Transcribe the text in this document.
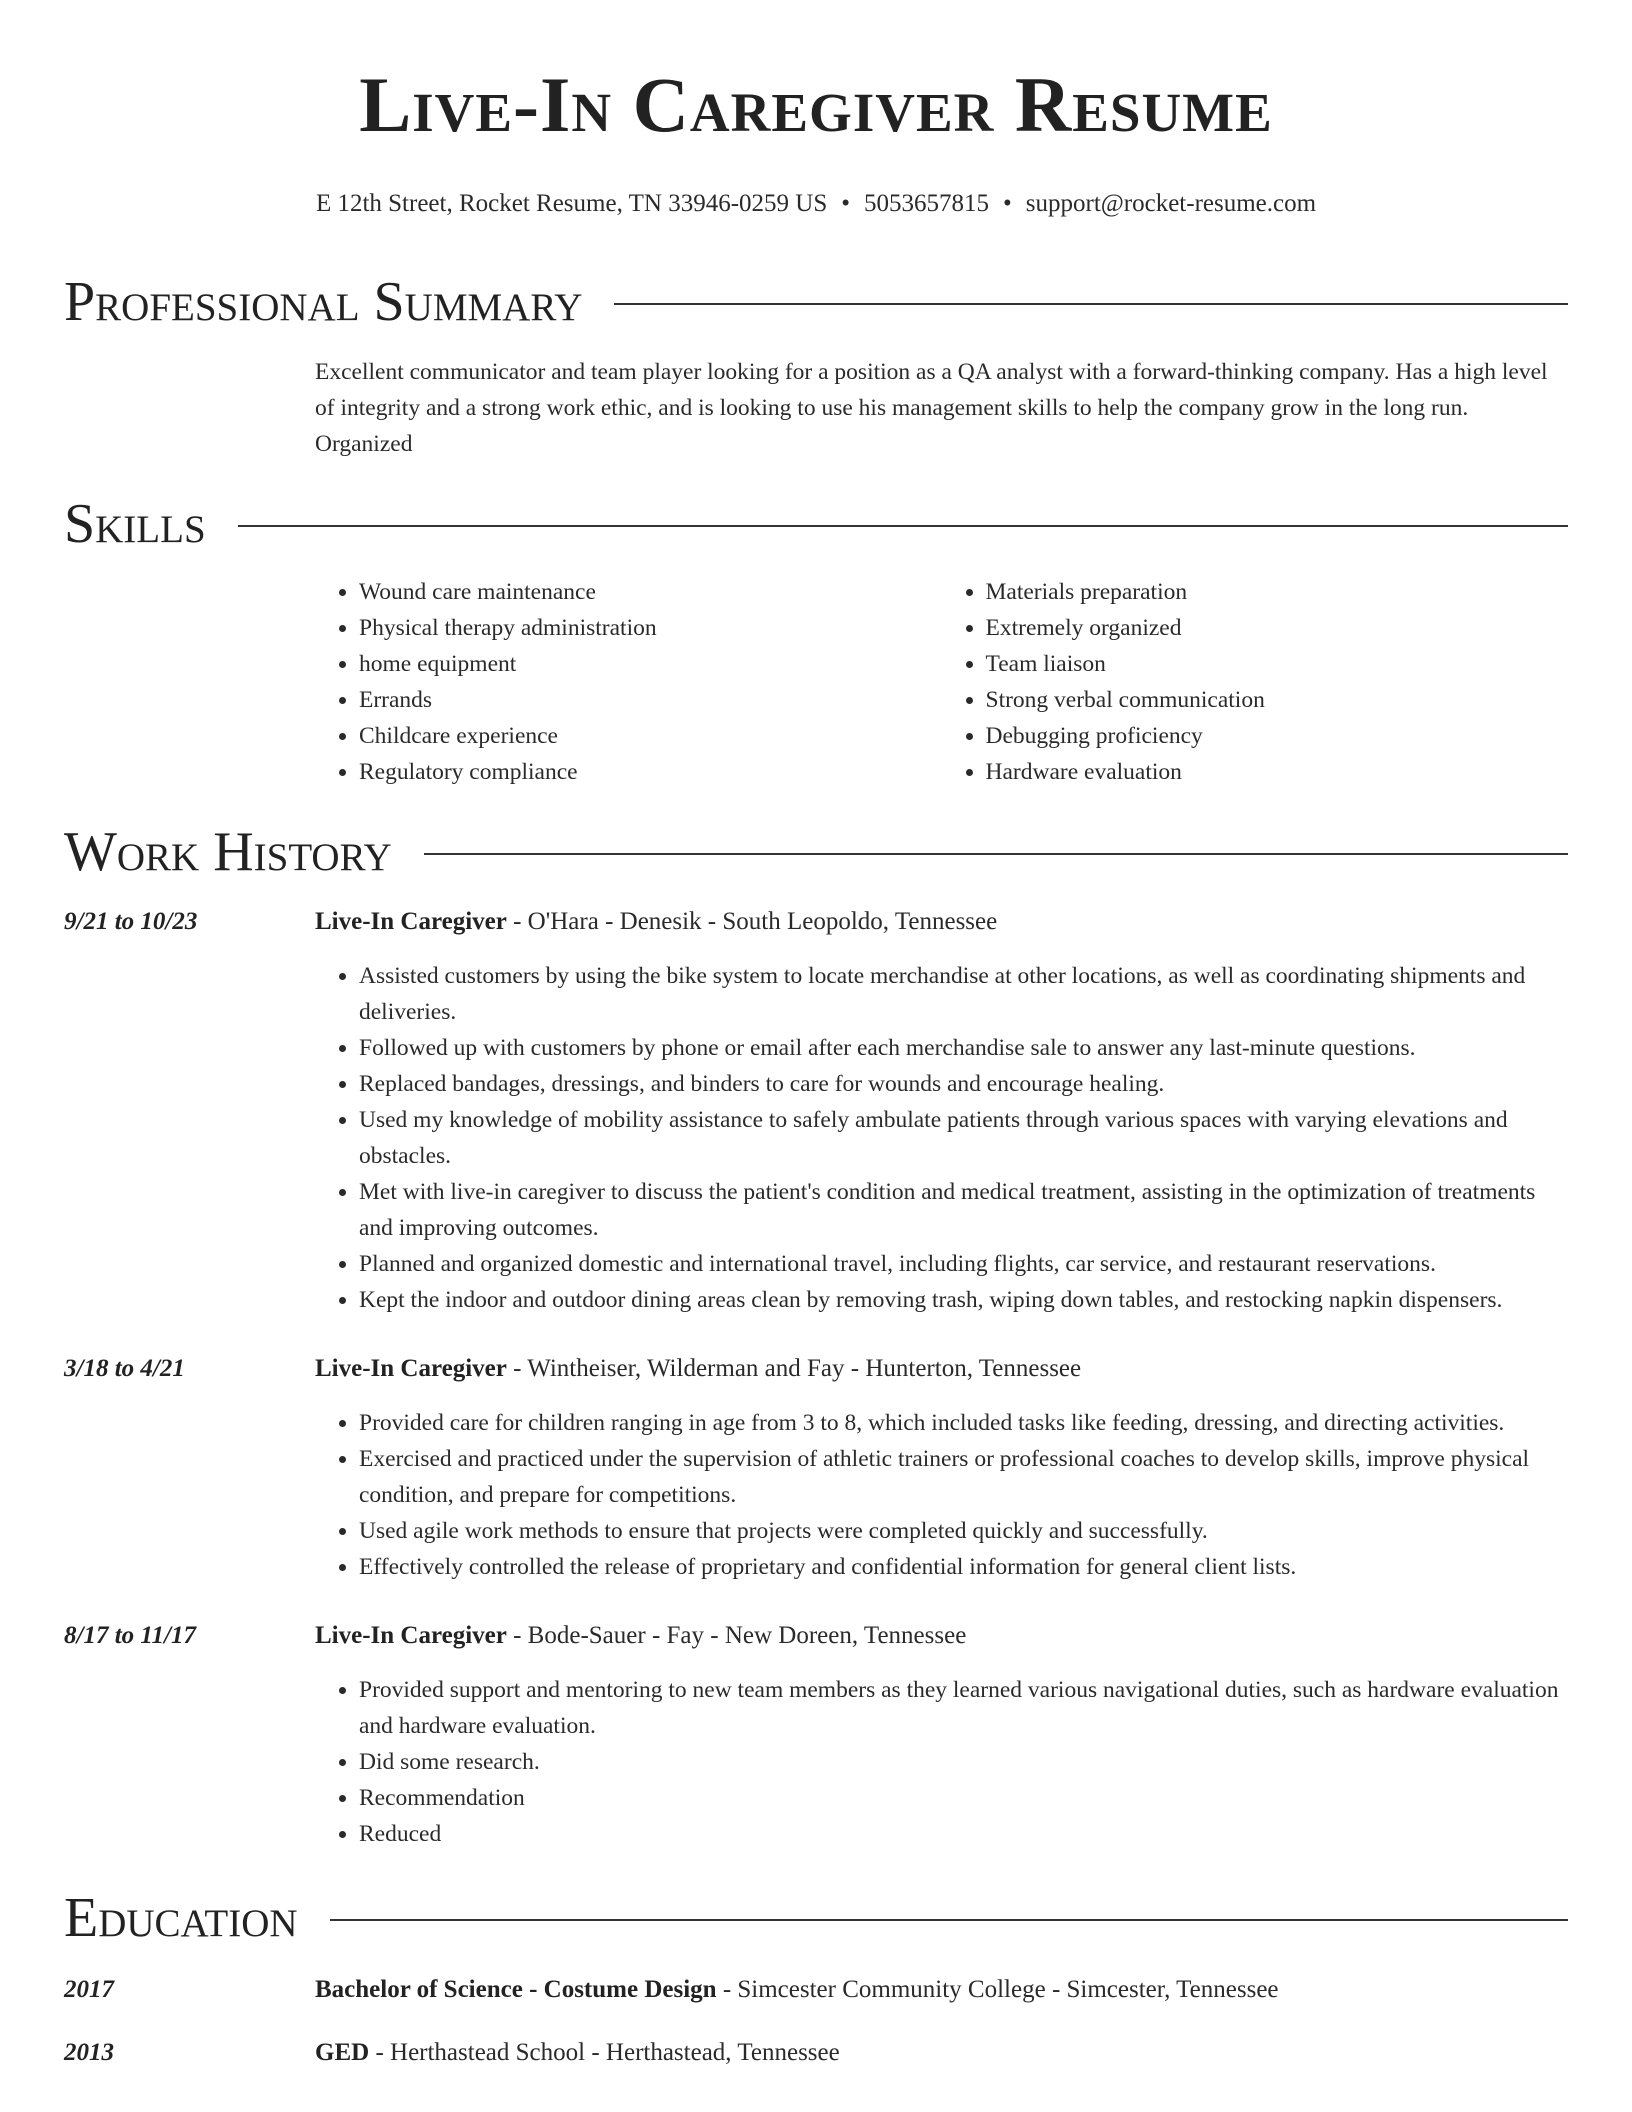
Live-In Caregiver Resume
E 12th Street, Rocket Resume, TN 33946-0259 US • 5053657815 • support@rocket-resume.com
Professional Summary
Excellent communicator and team player looking for a position as a QA analyst with a forward-thinking company. Has a high level of integrity and a strong work ethic, and is looking to use his management skills to help the company grow in the long run. Organized
Skills
• Wound care maintenance
• Physical therapy administration
• home equipment
• Errands
• Childcare experience
• Regulatory compliance
• Materials preparation
• Extremely organized
• Team liaison
• Strong verbal communication
• Debugging proficiency
• Hardware evaluation
Work History
9/21 to 10/23	Live-In Caregiver - O'Hara - Denesik - South Leopoldo, Tennessee
• Assisted customers by using the bike system to locate merchandise at other locations, as well as coordinating shipments and deliveries.
• Followed up with customers by phone or email after each merchandise sale to answer any last-minute questions.
• Replaced bandages, dressings, and binders to care for wounds and encourage healing.
• Used my knowledge of mobility assistance to safely ambulate patients through various spaces with varying elevations and obstacles.
• Met with live-in caregiver to discuss the patient's condition and medical treatment, assisting in the optimization of treatments and improving outcomes.
• Planned and organized domestic and international travel, including flights, car service, and restaurant reservations.
• Kept the indoor and outdoor dining areas clean by removing trash, wiping down tables, and restocking napkin dispensers.
3/18 to 4/21	Live-In Caregiver - Wintheiser, Wilderman and Fay - Hunterton, Tennessee
• Provided care for children ranging in age from 3 to 8, which included tasks like feeding, dressing, and directing activities.
• Exercised and practiced under the supervision of athletic trainers or professional coaches to develop skills, improve physical condition, and prepare for competitions.
• Used agile work methods to ensure that projects were completed quickly and successfully.
• Effectively controlled the release of proprietary and confidential information for general client lists.
8/17 to 11/17	Live-In Caregiver - Bode-Sauer - Fay - New Doreen, Tennessee
• Provided support and mentoring to new team members as they learned various navigational duties, such as hardware evaluation and hardware evaluation.
• Did some research.
• Recommendation
• Reduced
Education
2017	Bachelor of Science - Costume Design - Simcester Community College - Simcester, Tennessee
2013	GED - Herthastead School - Herthastead, Tennessee
